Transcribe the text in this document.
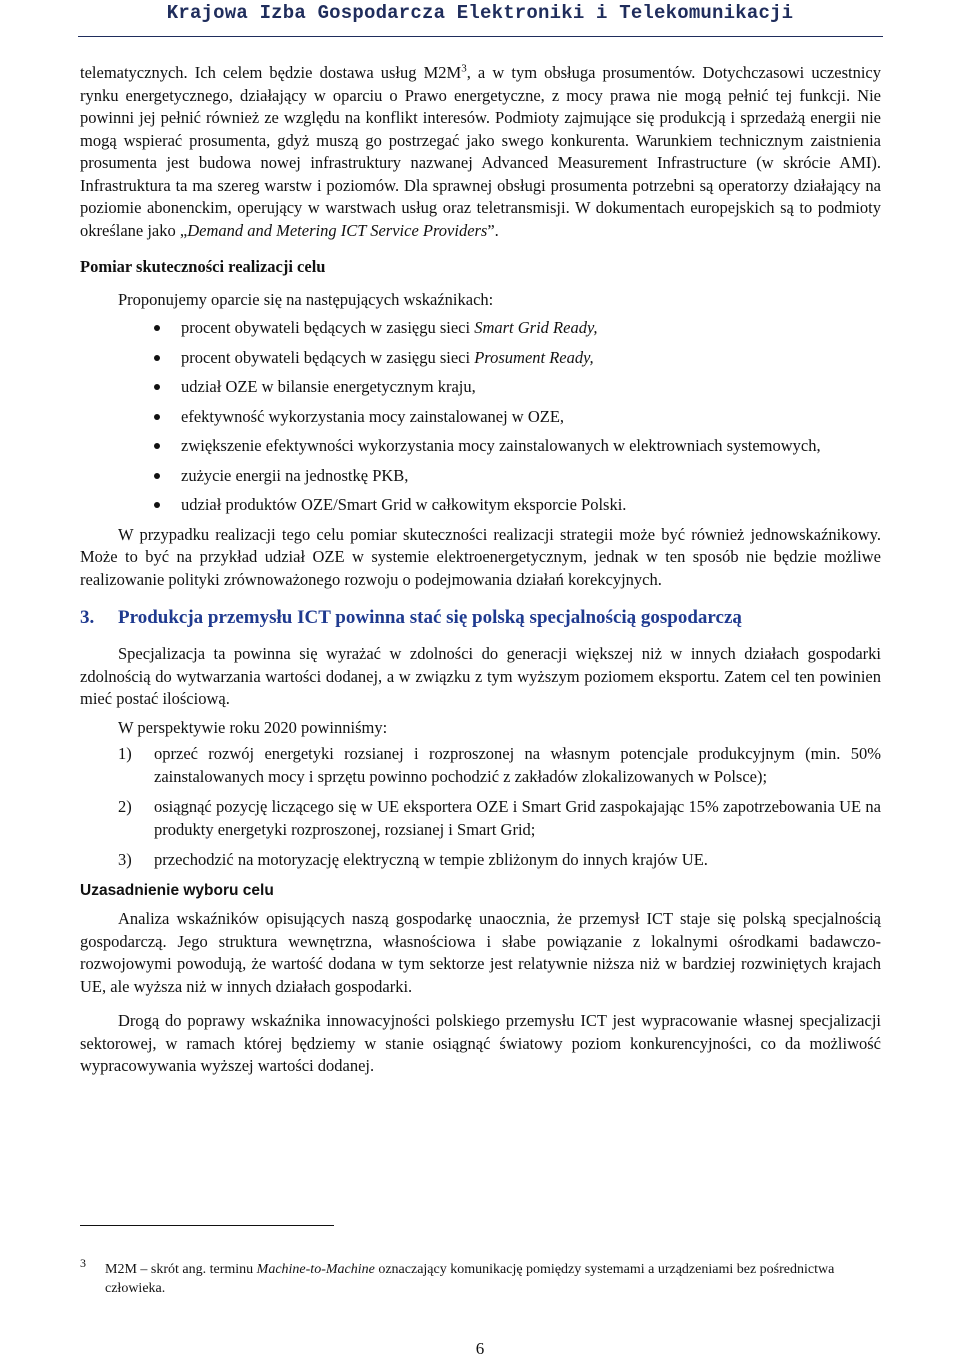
Krajowa Izba Gospodarcza Elektroniki i Telekomunikacji

telematycznych. Ich celem będzie dostawa usług $M2M^3$, a w tym obsługa prosumentów. Dotychczasowi uczestnicy rynku energetycznego, działający w oparciu o Prawo energetyczne, z mocy prawa nie mogą pełnić tej funkcji. Nie powinni jej pełnić również ze względu na konflikt interesów. Podmioty zajmujące się produkcją i sprzedażą energii nie mogą wspierać prosumenta, gdyż muszą go postrzegać jako swego konkurenta. Warunkiem technicznym zaistnienia prosumenta jest budowa nowej infrastruktury nazwanej Advanced Measurement Infrastructure (w skrócie AMI). Infrastruktura ta ma szereg warstw i poziomów. Dla sprawnej obsługi prosumenta potrzebni są operatorzy działający na poziomie abonenckim, operujący w warstwach usług oraz teletransmisji. W dokumentach europejskich są to podmioty określane jako „Demand and Metering ICT Service Providers”.

Pomiar skuteczności realizacji celu

Proponujemy oparcie się na następujących wskaźnikach:

procent obywateli będących w zasięgu sieci Smart Grid Ready,
procent obywateli będących w zasięgu sieci Prosument Ready,
udział OZE w bilansie energetycznym kraju,
efektywność wykorzystania mocy zainstalowanej w OZE,
zwiększenie efektywności wykorzystania mocy zainstalowanych w elektrowniach systemowych,
zużycie energii na jednostkę PKB,
udział produktów OZE/Smart Grid w całkowitym eksporcie Polski.

W przypadku realizacji tego celu pomiar skuteczności realizacji strategii może być również jednowskaźnikowy. Może to być na przykład udział OZE w systemie elektroenergetycznym, jednak w ten sposób nie będzie możliwe realizowanie polityki zrównoważonego rozwoju o podejmowania działań korekcyjnych.

3. Produkcja przemysłu ICT powinna stać się polską specjalnością gospodarczą

Specjalizacja ta powinna się wyrażać w zdolności do generacji większej niż w innych działach gospodarki zdolnością do wytwarzania wartości dodanej, a w związku z tym wyższym poziomem eksportu. Zatem cel ten powinien mieć postać ilościową.

W perspektywie roku 2020 powinniśmy:

1) oprzeć rozwój energetyki rozsianej i rozproszonej na własnym potencjale produkcyjnym (min. 50% zainstalowanych mocy i sprzętu powinno pochodzić z zakładów zlokalizowanych w Polsce);
2) osiągnąć pozycję liczącego się w UE eksportera OZE i Smart Grid zaspokajając 15% zapotrzebowania UE na produkty energetyki rozproszonej, rozsianej i Smart Grid;
3) przechodzić na motoryzację elektryczną w tempie zbliżonym do innych krajów UE.

Uzasadnienie wyboru celu

Analiza wskaźników opisujących naszą gospodarkę unaocznia, że przemysł ICT staje się polską specjalnością gospodarczą. Jego struktura wewnętrzna, własnościowa i słabe powiązanie z lokalnymi ośrodkami badawczo-rozwojowymi powodują, że wartość dodana w tym sektorze jest relatywnie niższa niż w bardziej rozwiniętych krajach UE, ale wyższa niż w innych działach gospodarki.

Drogą do poprawy wskaźnika innowacyjności polskiego przemysłu ICT jest wypracowanie własnej specjalizacji sektorowej, w ramach której będziemy w stanie osiągnąć światowy poziom konkurencyjności, co da możliwość wypracowywania wyższej wartości dodanej.

3	M2M – skrót ang. terminu Machine-to-Machine oznaczający komunikację pomiędzy systemami a urządzeniami bez pośrednictwa człowieka.
6
